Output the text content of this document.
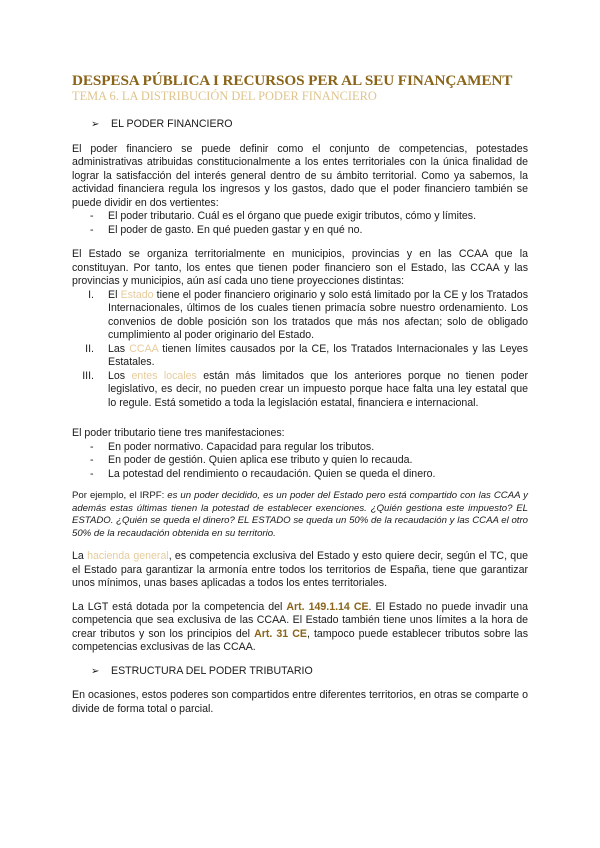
DESPESA PÚBLICA I RECURSOS PER AL SEU FINANÇAMENT
TEMA 6. LA DISTRIBUCIÓN DEL PODER FINANCIERO
➢ EL PODER FINANCIERO

El poder financiero se puede definir como el conjunto de competencias, potestades administrativas atribuidas constitucionalmente a los entes territoriales con la única finalidad de lograr la satisfacción del interés general dentro de su ámbito territorial. Como ya sabemos, la actividad financiera regula los ingresos y los gastos, dado que el poder financiero también se puede dividir en dos vertientes:

- El poder tributario. Cuál es el órgano que puede exigir tributos, cómo y límites.
- El poder de gasto. En qué pueden gastar y en qué no.

El Estado se organiza territorialmente en municipios, provincias y en las CCAA que la constituyan. Por tanto, los entes que tienen poder financiero son el Estado, las CCAA y las provincias y municipios, aún así cada uno tiene proyecciones distintas:

I. El Estado tiene el poder financiero originario y solo está limitado por la CE y los Tratados Internacionales, últimos de los cuales tienen primacía sobre nuestro ordenamiento. Los convenios de doble posición son los tratados que más nos afectan; solo de obligado cumplimiento al poder originario del Estado.
II. Las CCAA tienen límites causados por la CE, los Tratados Internacionales y las Leyes Estatales.
III. Los entes locales están más limitados que los anteriores porque no tienen poder legislativo, es decir, no pueden crear un impuesto porque hace falta una ley estatal que lo regule. Está sometido a toda la legislación estatal, financiera e internacional.

El poder tributario tiene tres manifestaciones:

- En poder normativo. Capacidad para regular los tributos.
- En poder de gestión. Quien aplica ese tributo y quien lo recauda.
- La potestad del rendimiento o recaudación. Quien se queda el dinero.

Por ejemplo, el IRPF: es un poder decidido, es un poder del Estado pero está compartido con las CCAA y además estas últimas tienen la potestad de establecer exenciones. ¿Quién gestiona este impuesto? EL ESTADO. ¿Quién se queda el dinero? EL ESTADO se queda un 50% de la recaudación y las CCAA el otro 50% de la recaudación obtenida en su territorio.

La hacienda general, es competencia exclusiva del Estado y esto quiere decir, según el TC, que el Estado para garantizar la armonía entre todos los territorios de España, tiene que garantizar unos mínimos, unas bases aplicadas a todos los entes territoriales.

La LGT está dotada por la competencia del Art. 149.1.14 CE. El Estado no puede invadir una competencia que sea exclusiva de las CCAA. El Estado también tiene unos límites a la hora de crear tributos y son los principios del Art. 31 CE, tampoco puede establecer tributos sobre las competencias exclusivas de las CCAA.

➢ ESTRUCTURA DEL PODER TRIBUTARIO

En ocasiones, estos poderes son compartidos entre diferentes territorios, en otras se comparte o divide de forma total o parcial.
